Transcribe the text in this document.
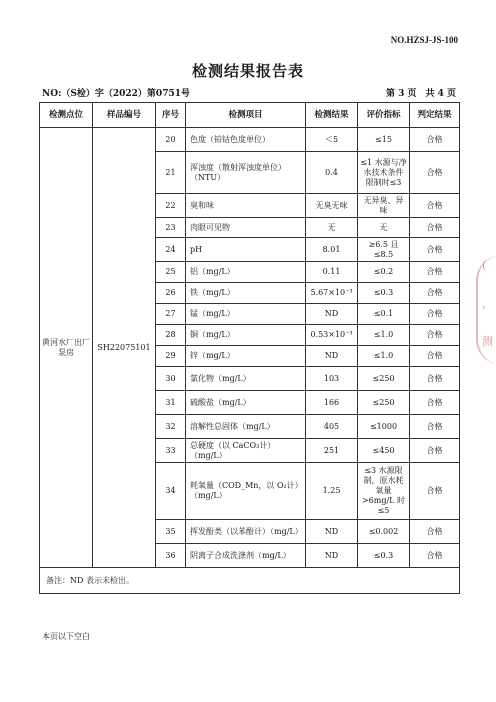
NO.HZSJ-JS-100
检测结果报告表
NO:（S检）字（2022）第0751号	第 3 页　共 4 页
检测点位	样品编号	序号	检测项目	检测结果	评价指标	判定结果
黄河水厂出厂泵房	SH22075101	20	色度（铂钴色度单位）	＜5	≤15	合格
		21	浑浊度（散射浑浊度单位）（NTU）	0.4	≤1 水源与净水技术条件限制时≤3	合格
		22	臭和味	无臭无味	无异臭、异味	合格
		23	肉眼可见物	无	无	合格
		24	pH	8.01	≥6.5 且≤8.5	合格
		25	铝（mg/L）	0.11	≤0.2	合格
		26	铁（mg/L）	5.67×10⁻³	≤0.3	合格
		27	锰（mg/L）	ND	≤0.1	合格
		28	铜（mg/L）	0.53×10⁻³	≤1.0	合格
		29	锌（mg/L）	ND	≤1.0	合格
		30	氯化物（mg/L）	103	≤250	合格
		31	硫酸盐（mg/L）	166	≤250	合格
		32	溶解性总固体（mg/L）	405	≤1000	合格
		33	总硬度（以 CaCO₃计）（mg/L）	251	≤450	合格
		34	耗氧量（COD_Mn，以 O₂计）（mg/L）	1.25	≤3 水源限制，原水耗氧量>6mg/L 时≤5	合格
		35	挥发酚类（以苯酚计）（mg/L）	ND	≤0.002	合格
		36	阴离子合成洗涤剂（mg/L）	ND	≤0.3	合格
备注：ND 表示未检出。						
本页以下空白
(
，
测
